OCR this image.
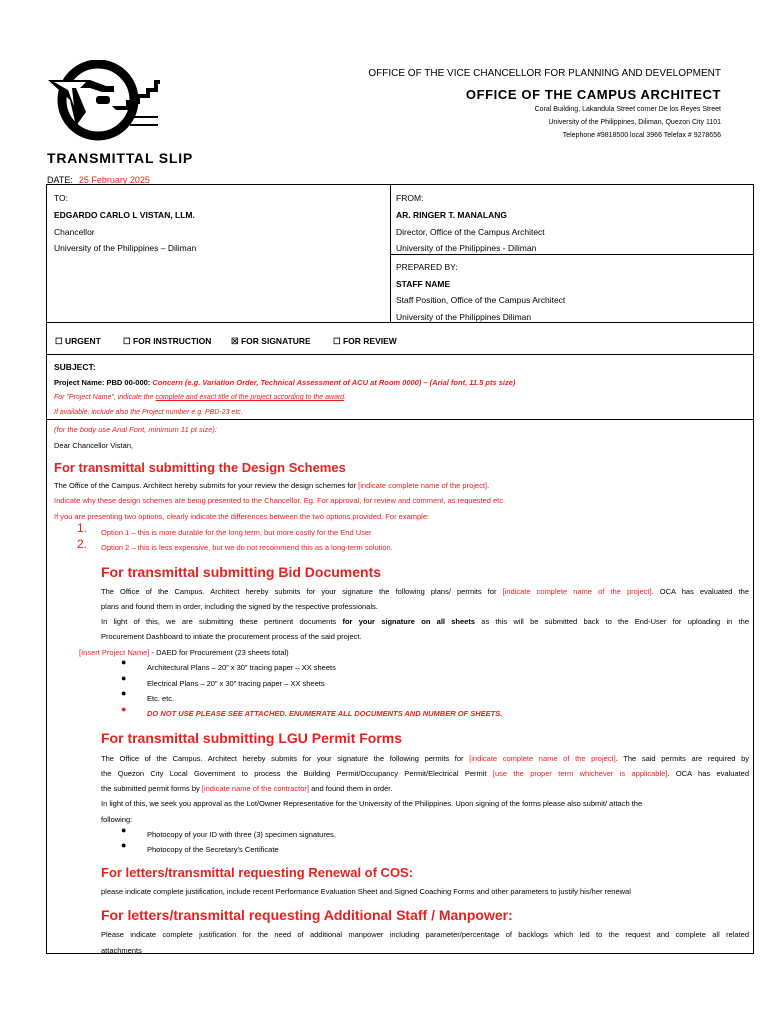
OFFICE OF THE VICE CHANCELLOR FOR PLANNING AND DEVELOPMENT
OFFICE OF THE CAMPUS ARCHITECT
Coral Building, Lakandula Street corner De los Reyes Street
University of the Philippines, Diliman, Quezon City 1101
Telephone #9818500 local 3966 Telefax # 9278656
TRANSMITTAL SLIP
DATE: 25 February 2025
TO:
EDGARDO CARLO L VISTAN, LLM.
Chancellor
University of the Philippines – Diliman
FROM:
AR. RINGER T. MANALANG
Director, Office of the Campus Architect
University of the Philippines - Diliman
PREPARED BY:
STAFF NAME
Staff Position, Office of the Campus Architect
University of the Philippines Diliman
☐ URGENT	☐ FOR INSTRUCTION ☒ FOR SIGNATURE	☐ FOR REVIEW
SUBJECT:
Project Name: PBD 00-000: Concern (e.g. Variation Order, Technical Assessment of ACU at Room 0000) – (Arial font, 11.5 pts size)
For "Project Name", indicate the complete and exact title of the project according to the award.
If available, include also the Project number e.g. PBD-23 etc.
(for the body use Arial Font, minimum 11 pt size):
Dear Chancellor Vistan,
For transmittal submitting the Design Schemes
The Office of the Campus. Architect hereby submits for your review the design schemes for [indicate complete name of the project].
Indicate why these design schemes are being presented to the Chancellor. Eg. For approval, for review and comment, as requested etc.
If you are presenting two options, clearly indicate the differences between the two options provided. For example:
1. Option 1 – this is more durable for the long term, but more costly for the End User
2. Option 2 – this is less expensive, but we do not recommend this as a long-term solution.
For transmittal submitting Bid Documents
The Office of the Campus. Architect hereby submits for your signature the following plans/ permits for [indicate complete name of the project]. OCA has evaluated the
plans and found them in order, including the signed by the respective professionals.
In light of this, we are submitting these pertinent documents for your signature on all sheets as this will be submitted back to the End-User for uploading in the
Procurement Dashboard to intiate the procurement process of the said project.
[Insert Project Name] - DAED for Procurement (23 sheets total)
●
Architectural Plans – 20” x 30” tracing paper – XX sheets
●
Electrical Plans – 20” x 30” tracing paper – XX sheets
●
Etc. etc.
●	DO NOT USE PLEASE SEE ATTACHED. ENUMERATE ALL DOCUMENTS AND NUMBER OF SHEETS.
For transmittal submitting LGU Permit Forms
The Office of the Campus. Architect hereby submits for your signature the following permits for [indicate complete name of the project]. The said permits are required by
the Quezon City Local Government to process the Building Permit/Occupancy Permit/Electrical Permit [use the proper term whichever is applicable]. OCA has evaluated
the submitted permit forms by [indicate name of the contractor] and found them in order.
In light of this, we seek you approval as the Lot/Owner Representative for the University of the Philippines. Upon signing of the forms please also submit/ attach the
following:
●	Photocopy of your ID with three (3) specimen signatures.
●	Photocopy of the Secretary’s Certificate
For letters/transmittal requesting Renewal of COS:
please indicate complete justification, include recent Performance Evaluation Sheet and Signed Coaching Forms and other parameters to justify his/her renewal
For letters/transmittal requesting Additional Staff / Manpower:
Please indicate complete justification for the need of additional manpower including parameter/percentage of backlogs which led to the request and complete all related
attachments
